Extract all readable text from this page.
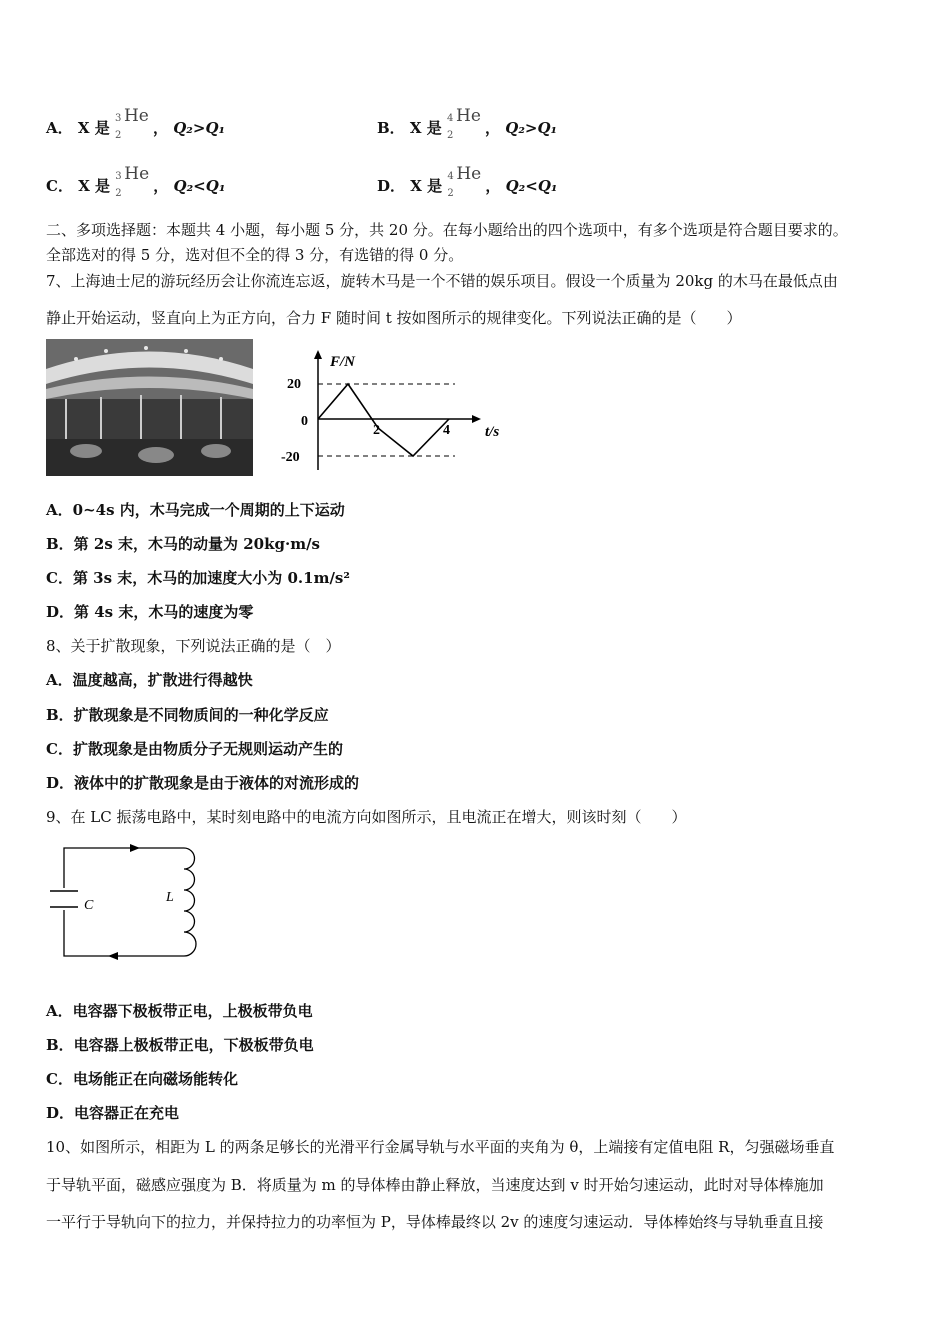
A． X 是
3
2
He
， Q₂>Q₁	B． X 是
4
2
He
， Q₂>Q₁
C． X 是
3
2
He
， Q₂<Q₁	D． X 是
4
2
He
， Q₂<Q₁
二、多项选择题：本题共 4 小题，每小题 5 分，共 20 分。在每小题给出的四个选项中，有多个选项是符合题目要求的。
全部选对的得 5 分，选对但不全的得 3 分，有选错的得 0 分。
7、上海迪士尼的游玩经历会让你流连忘返，旋转木马是一个不错的娱乐项目。假设一个质量为 20kg 的木马在最低点由
静止开始运动，竖直向上为正方向，合力 F 随时间 t 按如图所示的规律变化。下列说法正确的是（　　）
F/N
t/s
20
0
-20
2	4
A．0~4s 内，木马完成一个周期的上下运动
B．第 2s 末，木马的动量为 20kg·m/s
C．第 3s 末，木马的加速度大小为 0.1m/s²
D．第 4s 末，木马的速度为零
8、关于扩散现象，下列说法正确的是（　）
A．温度越高，扩散进行得越快
B．扩散现象是不同物质间的一种化学反应
C．扩散现象是由物质分子无规则运动产生的
D．液体中的扩散现象是由于液体的对流形成的
9、在 LC 振荡电路中，某时刻电路中的电流方向如图所示，且电流正在增大，则该时刻（　　）
C
L
A．电容器下极板带正电，上极板带负电
B．电容器上极板带正电，下极板带负电
C．电场能正在向磁场能转化
D．电容器正在充电
10、如图所示，相距为 L 的两条足够长的光滑平行金属导轨与水平面的夹角为 θ，上端接有定值电阻 R，匀强磁场垂直
于导轨平面，磁感应强度为 B．将质量为 m 的导体棒由静止释放，当速度达到 v 时开始匀速运动，此时对导体棒施加
一平行于导轨向下的拉力，并保持拉力的功率恒为 P，导体棒最终以 2v 的速度匀速运动．导体棒始终与导轨垂直且接
